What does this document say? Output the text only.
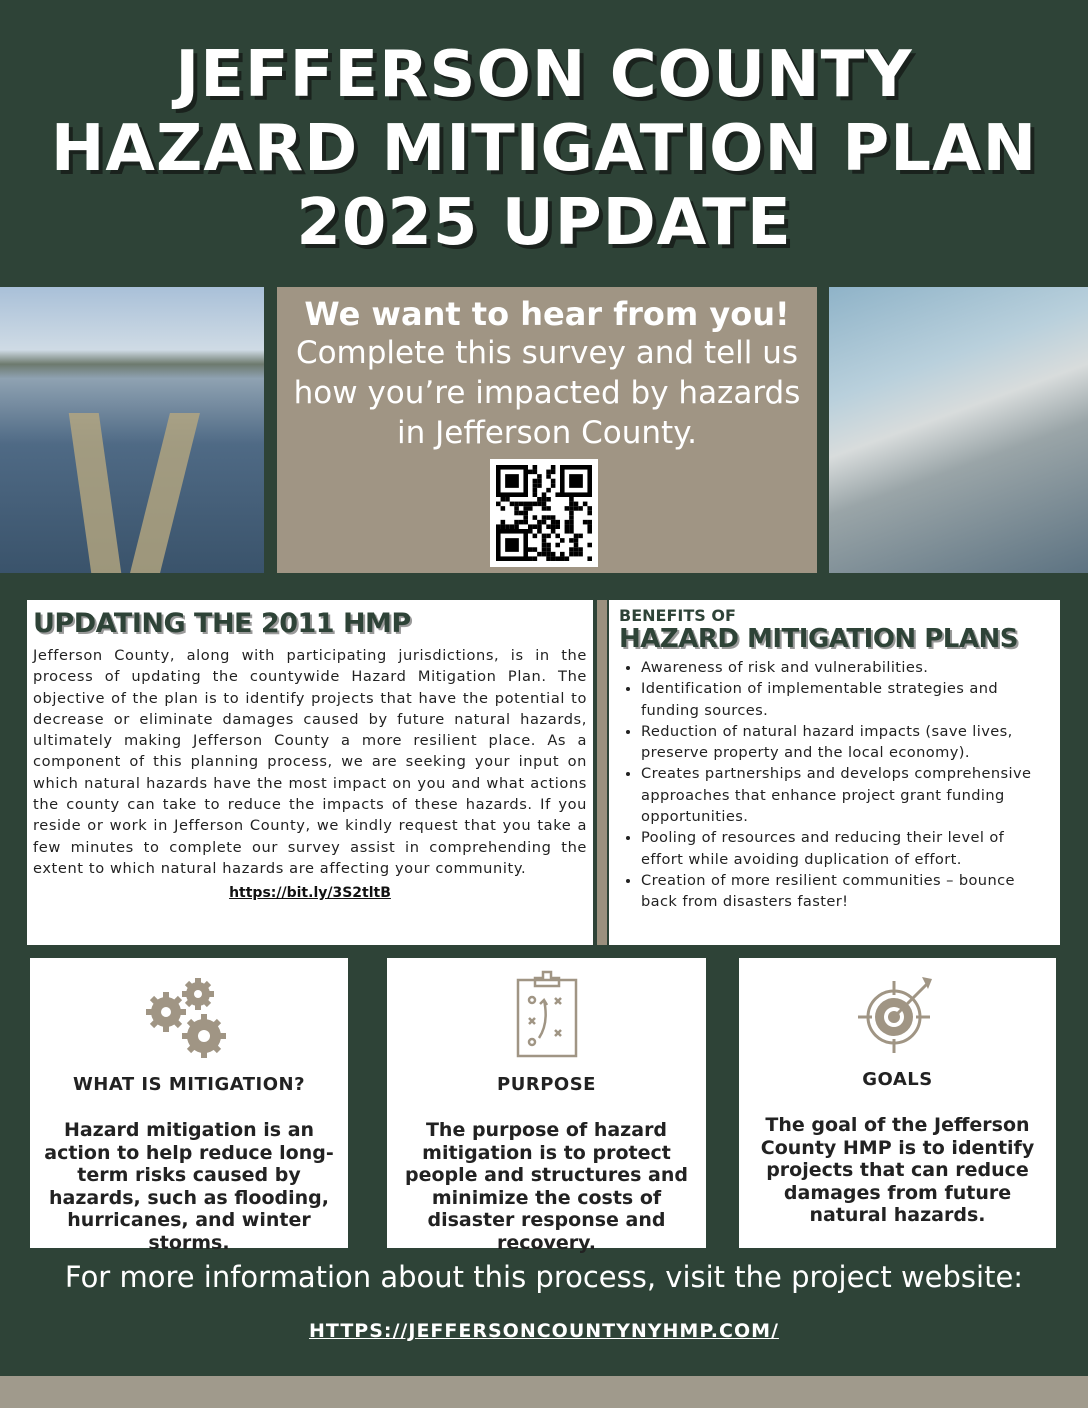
JEFFERSON COUNTY
HAZARD MITIGATION PLAN
2025 UPDATE
We want to hear from you!
Complete this survey and tell us how you’re impacted by hazards in Jefferson County.
UPDATING THE 2011 HMP

Jefferson County, along with participating jurisdictions, is in the process of updating the countywide Hazard Mitigation Plan. The objective of the plan is to identify projects that have the potential to decrease or eliminate damages caused by future natural hazards, ultimately making Jefferson County a more resilient place. As a component of this planning process, we are seeking your input on which natural hazards have the most impact on you and what actions the county can take to reduce the impacts of these hazards. If you reside or work in Jefferson County, we kindly request that you take a few minutes to complete our survey assist in comprehending the extent to which natural hazards are affecting your community.

https://bit.ly/3S2tltB
BENEFITS OF
HAZARD MITIGATION PLANS
• Awareness of risk and vulnerabilities.
• Identification of implementable strategies and funding sources.
• Reduction of natural hazard impacts (save lives, preserve property and the local economy).
• Creates partnerships and develops comprehensive approaches that enhance project grant funding opportunities.
• Pooling of resources and reducing their level of effort while avoiding duplication of effort.
• Creation of more resilient communities – bounce back from disasters faster!
WHAT IS MITIGATION?

Hazard mitigation is an action to help reduce long-term risks caused by hazards, such as flooding, hurricanes, and winter storms.

PURPOSE

The purpose of hazard mitigation is to protect people and structures and minimize the costs of disaster response and recovery.

GOALS

The goal of the Jefferson County HMP is to identify projects that can reduce damages from future natural hazards.

For more information about this process, visit the project website:
HTTPS://JEFFERSONCOUNTYNYHMP.COM/
